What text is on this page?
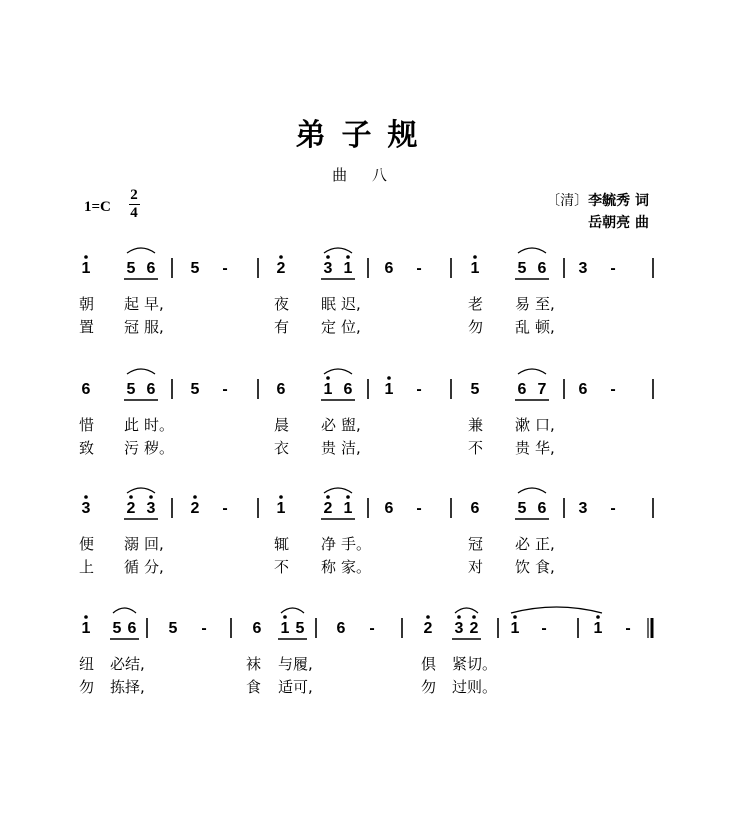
弟子规
曲 八
1=C
2
4
〔清〕李毓秀 词
岳朝亮 曲
1 5 6 5 -	2 3 1 6 -	1 5 6 3 -
朝 起 早,	夜 眠 迟,	老 易 至,
置 冠 服,	有 定 位,	勿 乱 顿,
6 5 6 5 -	6 1 6 1 -	5 6 7 6 -
惜 此 时。	晨 必 盥,	兼 漱 口,
致 污 秽。	衣 贵 洁,	不 贵 华,
3 2 3 2 -	1 2 1 6 -	6 5 6 3 -
便 溺 回,	辄 净 手。	冠 必 正,
上 循 分,	不 称 家。	对 饮 食,
1 5 6 5 -	6 1 5 6 -	2 3 2 1 -	1 -
纽 必 结,	袜 与 履,	俱 紧 切。
勿 拣 择,	食 适 可,	勿 过 则。
